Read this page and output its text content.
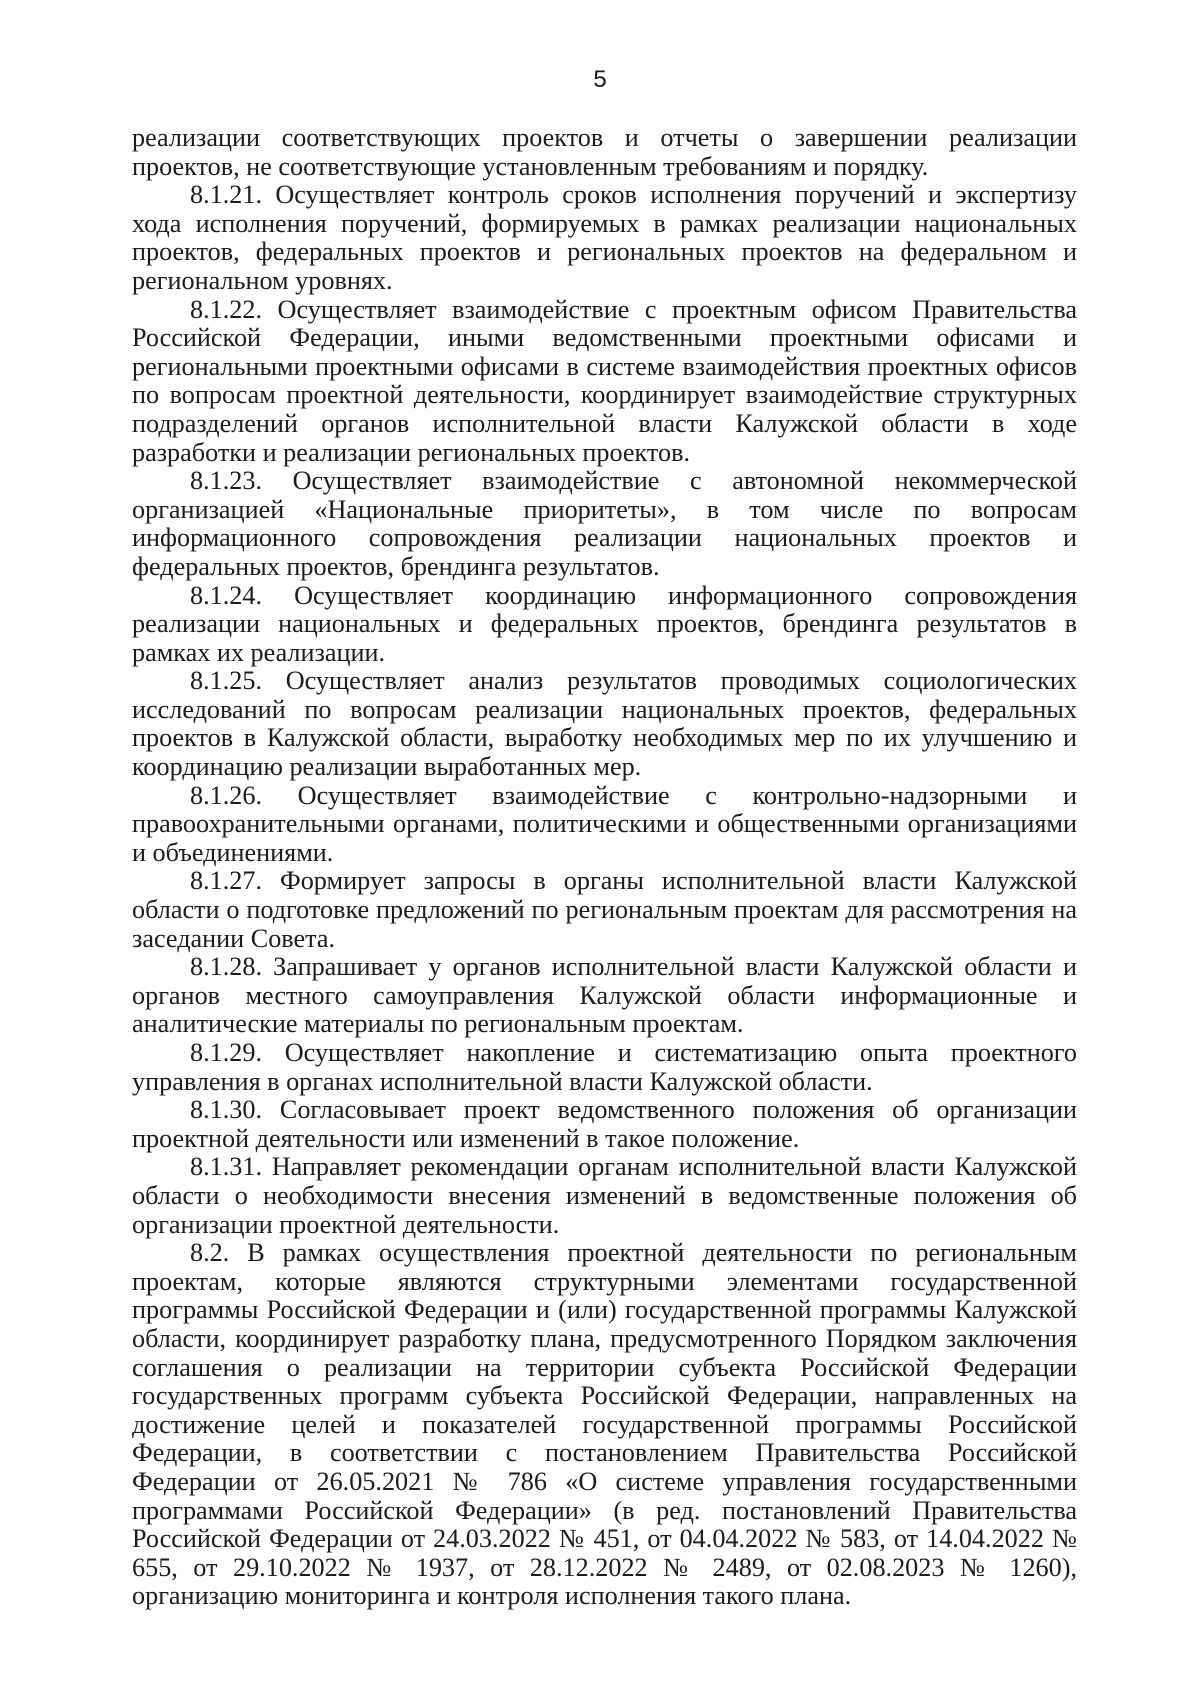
5

реализации соответствующих проектов и отчеты о завершении реализации проектов, не соответствующие установленным требованиям и порядку.

8.1.21. Осуществляет контроль сроков исполнения поручений и экспертизу хода исполнения поручений, формируемых в рамках реализации национальных проектов, федеральных проектов и региональных проектов на федеральном и региональном уровнях.

8.1.22. Осуществляет взаимодействие с проектным офисом Правительства Российской Федерации, иными ведомственными проектными офисами и региональными проектными офисами в системе взаимодействия проектных офисов по вопросам проектной деятельности, координирует взаимодействие структурных подразделений органов исполнительной власти Калужской области в ходе разработки и реализации региональных проектов.

8.1.23. Осуществляет взаимодействие с автономной некоммерческой организацией «Национальные приоритеты», в том числе по вопросам информационного сопровождения реализации национальных проектов и федеральных проектов, брендинга результатов.

8.1.24. Осуществляет координацию информационного сопровождения реализации национальных и федеральных проектов, брендинга результатов в рамках их реализации.

8.1.25. Осуществляет анализ результатов проводимых социологических исследований по вопросам реализации национальных проектов, федеральных проектов в Калужской области, выработку необходимых мер по их улучшению и координацию реализации выработанных мер.

8.1.26. Осуществляет взаимодействие с контрольно-надзорными и правоохранительными органами, политическими и общественными организациями и объединениями.

8.1.27. Формирует запросы в органы исполнительной власти Калужской области о подготовке предложений по региональным проектам для рассмотрения на заседании Совета.

8.1.28. Запрашивает у органов исполнительной власти Калужской области и органов местного самоуправления Калужской области информационные и аналитические материалы по региональным проектам.

8.1.29. Осуществляет накопление и систематизацию опыта проектного управления в органах исполнительной власти Калужской области.

8.1.30. Согласовывает проект ведомственного положения об организации проектной деятельности или изменений в такое положение.

8.1.31. Направляет рекомендации органам исполнительной власти Калужской области о необходимости внесения изменений в ведомственные положения об организации проектной деятельности.

8.2. В рамках осуществления проектной деятельности по региональным проектам, которые являются структурными элементами государственной программы Российской Федерации и (или) государственной программы Калужской области, координирует разработку плана, предусмотренного Порядком заключения соглашения о реализации на территории субъекта Российской Федерации государственных программ субъекта Российской Федерации, направленных на достижение целей и показателей государственной программы Российской Федерации, в соответствии с постановлением Правительства Российской Федерации от 26.05.2021 № 786 «О системе управления государственными программами Российской Федерации» (в ред. постановлений Правительства Российской Федерации от 24.03.2022 № 451, от 04.04.2022 № 583, от 14.04.2022 № 655, от 29.10.2022 № 1937, от 28.12.2022 № 2489, от 02.08.2023 № 1260), организацию мониторинга и контроля исполнения такого плана.
